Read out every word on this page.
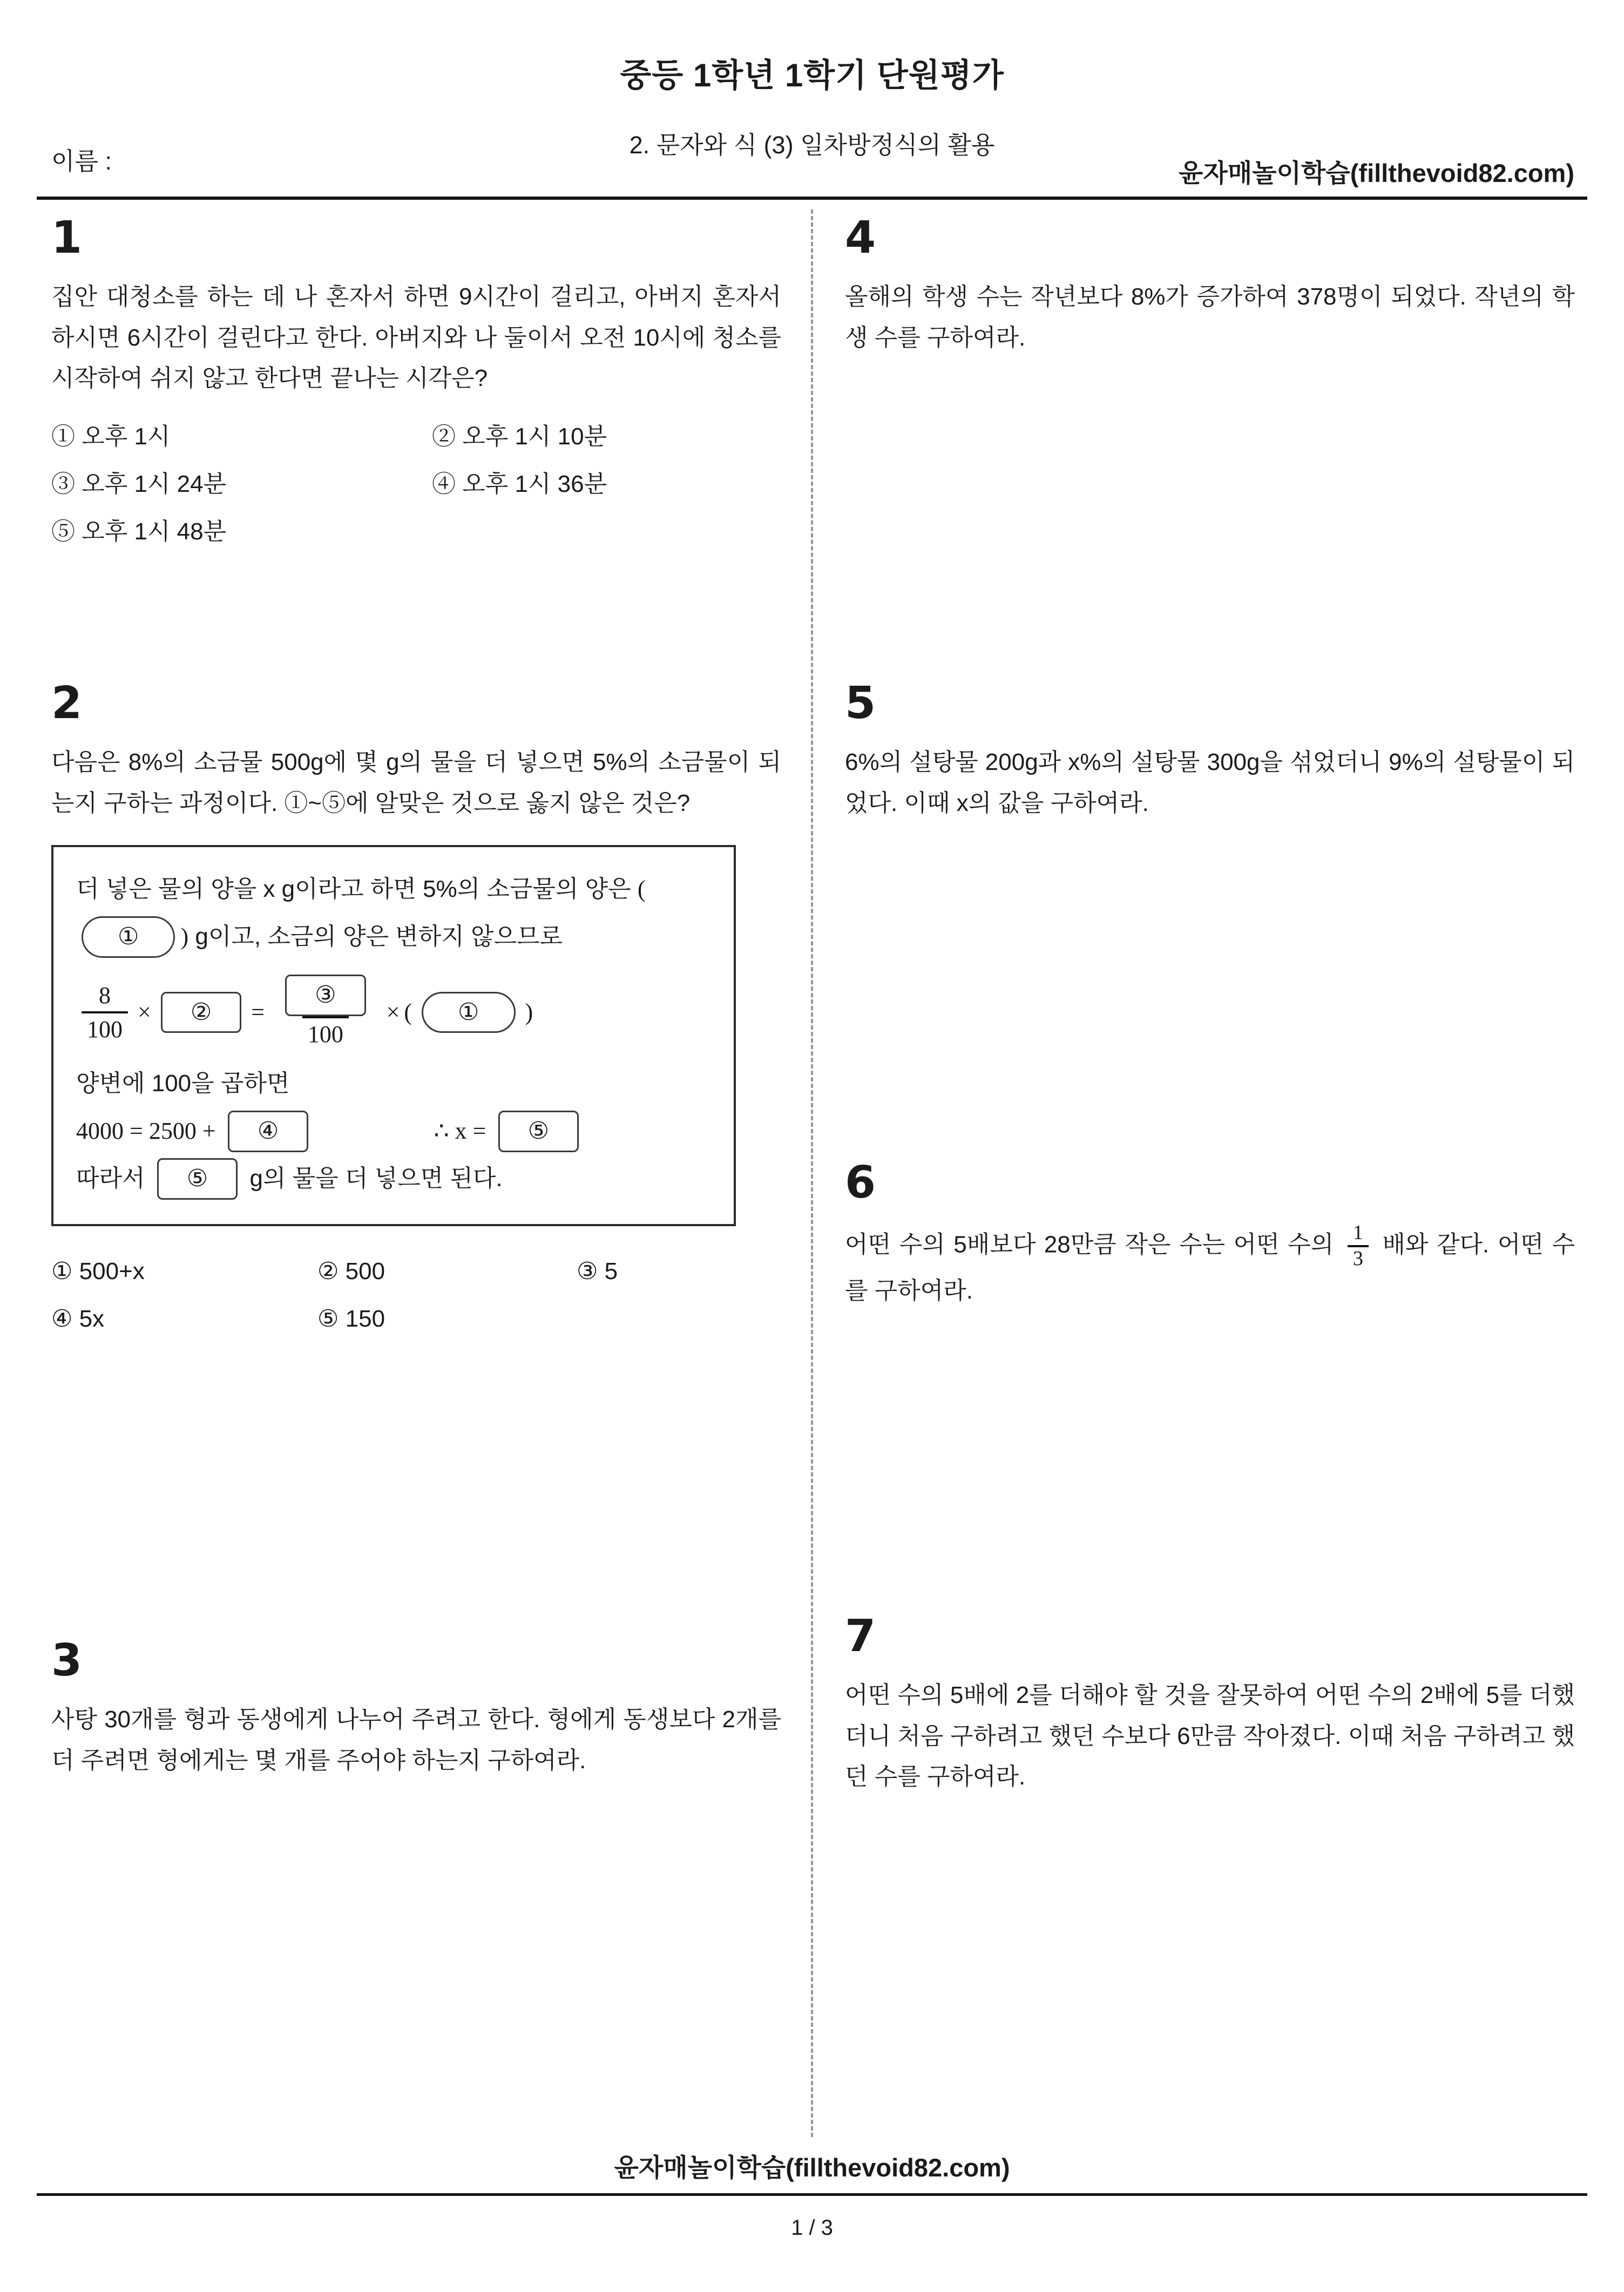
중등 1학년 1학기 단원평가
2. 문자와 식 (3) 일차방정식의 활용
이름 :	윤자매놀이학습(fillthevoid82.com)
1

집안 대청소를 하는 데 나 혼자서 하면 9시간이 걸리고, 아버지 혼자서 하시면 6시간이 걸린다고 한다. 아버지와 나 둘이서 오전 10시에 청소를 시작하여 쉬지 않고 한다면 끝나는 시각은?

① 오후 1시	② 오후 1시 10분
③ 오후 1시 24분	④ 오후 1시 36분
⑤ 오후 1시 48분
2

다음은 8%의 소금물 500g에 몇 g의 물을 더 넣으면 5%의 소금물이 되는지 구하는 과정이다. ①~⑤에 알맞은 것으로 옳지 않은 것은?

더 넣은 물의 양을 x g이라고 하면 5%의 소금물의 양은 (① ) g이고, 소금의 양은 변하지 않으므로

$\frac{8}{100}$ ×	②	= $\frac{\text{③}}{100}$ × (	①	)

양변에 100을 곱하면

4000 = 2500 + ④	∴ x = ⑤

따라서 ⑤ g의 물을 더 넣으면 된다.

① 500+x	② 500	③ 5
④ 5x	⑤ 150
3

사탕 30개를 형과 동생에게 나누어 주려고 한다. 형에게 동생보다 2개를 더 주려면 형에게는 몇 개를 주어야 하는지 구하여라.

4

올해의 학생 수는 작년보다 8%가 증가하여 378명이 되었다. 작년의 학생 수를 구하여라.

5

6%의 설탕물 200g과 x%의 설탕물 300g을 섞었더니 9%의 설탕물이 되었다. 이때 x의 값을 구하여라.

6

어떤 수의 5배보다 28만큼 작은 수는 어떤 수의 $\frac{1}{3}$ 배와 같다. 어떤 수를 구하여라.

7

어떤 수의 5배에 2를 더해야 할 것을 잘못하여 어떤 수의 2배에 5를 더했더니 처음 구하려고 했던 수보다 6만큼 작아졌다. 이때 처음 구하려고 했던 수를 구하여라.

윤자매놀이학습(fillthevoid82.com)
1 / 3
